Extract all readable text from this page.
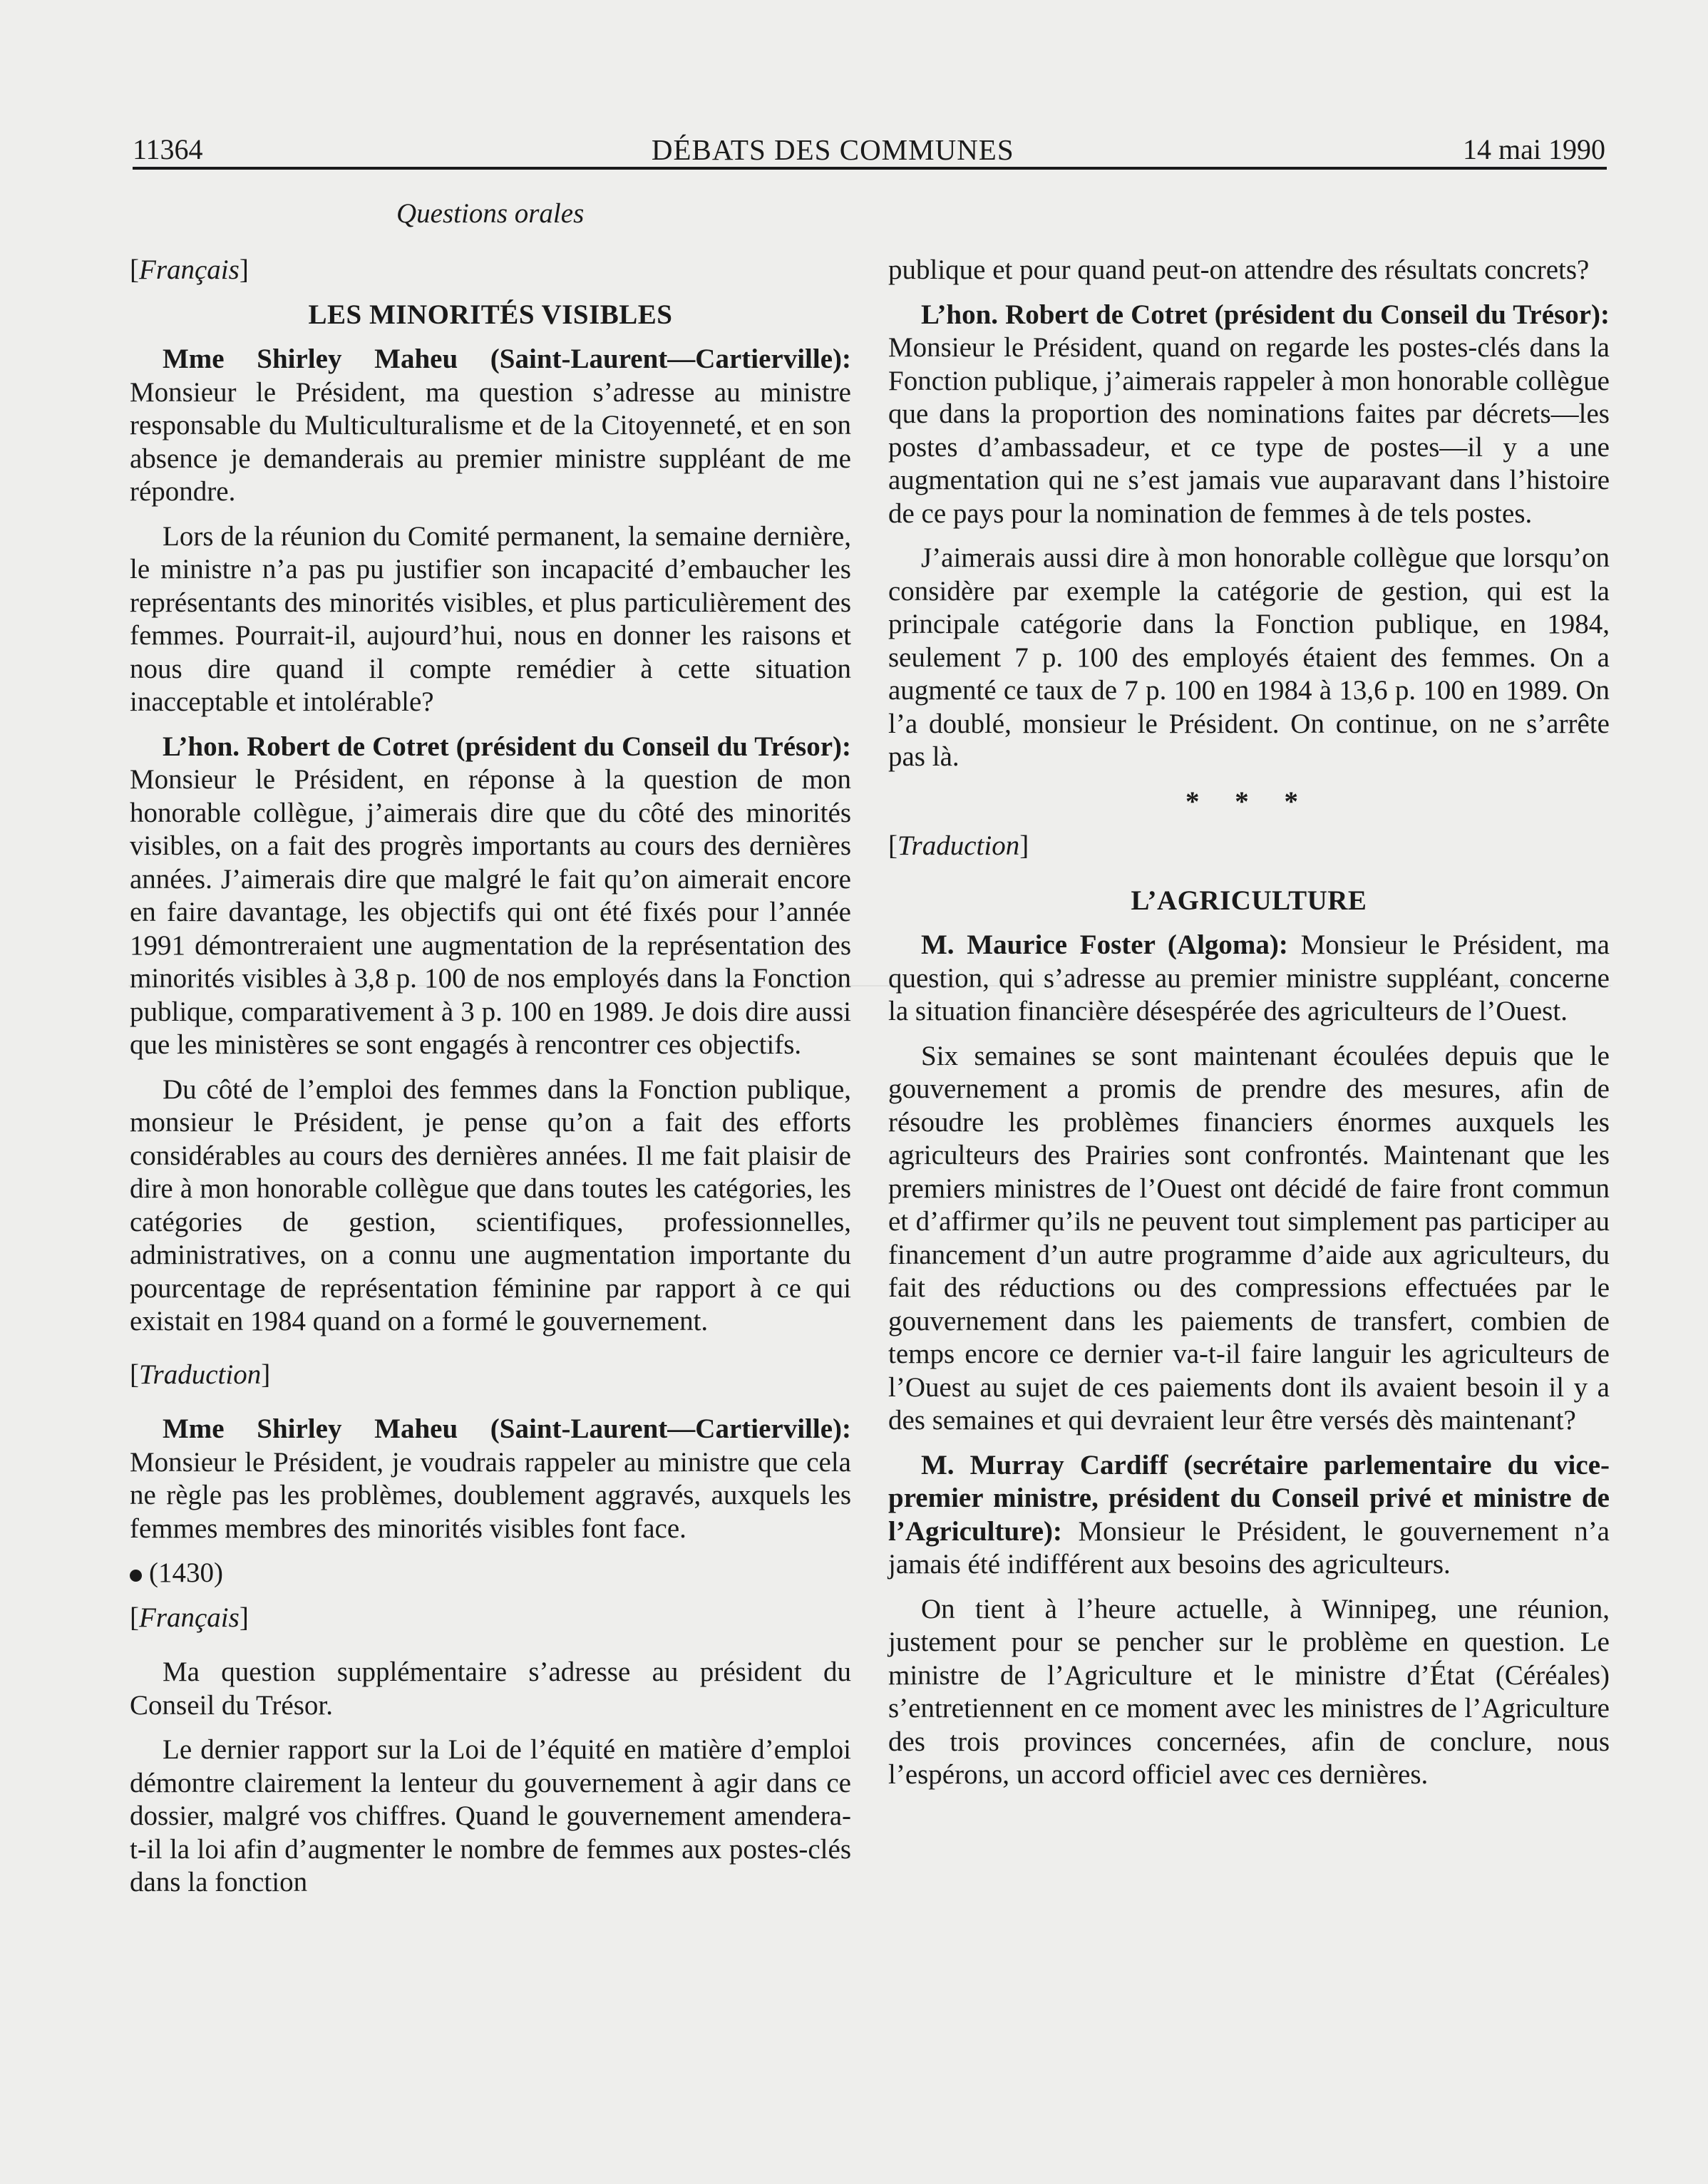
11364	DÉBATS DES COMMUNES	14 mai 1990
Questions orales

[Français]

LES MINORITÉS VISIBLES

Mme Shirley Maheu (Saint-Laurent—Cartierville): Monsieur le Président, ma question s’adresse au ministre responsable du Multiculturalisme et de la Citoyenneté, et en son absence je demanderais au premier ministre suppléant de me répondre.

Lors de la réunion du Comité permanent, la semaine dernière, le ministre n’a pas pu justifier son incapacité d’embaucher les représentants des minorités visibles, et plus particulièrement des femmes. Pourrait-il, aujourd’hui, nous en donner les raisons et nous dire quand il compte remédier à cette situation inacceptable et intolérable?

L’hon. Robert de Cotret (président du Conseil du Trésor): Monsieur le Président, en réponse à la question de mon honorable collègue, j’aimerais dire que du côté des minorités visibles, on a fait des progrès importants au cours des dernières années. J’aimerais dire que malgré le fait qu’on aimerait encore en faire davantage, les objectifs qui ont été fixés pour l’année 1991 démontreraient une augmentation de la représentation des minorités visibles à 3,8 p. 100 de nos employés dans la Fonction publique, comparativement à 3 p. 100 en 1989. Je dois dire aussi que les ministères se sont engagés à rencontrer ces objectifs.

Du côté de l’emploi des femmes dans la Fonction publique, monsieur le Président, je pense qu’on a fait des efforts considérables au cours des dernières années. Il me fait plaisir de dire à mon honorable collègue que dans toutes les catégories, les catégories de gestion, scientifiques, professionnelles, administratives, on a connu une augmentation importante du pourcentage de représentation féminine par rapport à ce qui existait en 1984 quand on a formé le gouvernement.

[Traduction]

Mme Shirley Maheu (Saint-Laurent—Cartierville): Monsieur le Président, je voudrais rappeler au ministre que cela ne règle pas les problèmes, doublement aggravés, auxquels les femmes membres des minorités visibles font face.

(1430)

[Français]

Ma question supplémentaire s’adresse au président du Conseil du Trésor.

Le dernier rapport sur la Loi de l’équité en matière d’emploi démontre clairement la lenteur du gouvernement à agir dans ce dossier, malgré vos chiffres. Quand le gouvernement amendera-t-il la loi afin d’augmenter le nombre de femmes aux postes-clés dans la fonction

publique et pour quand peut-on attendre des résultats concrets?

L’hon. Robert de Cotret (président du Conseil du Trésor): Monsieur le Président, quand on regarde les postes-clés dans la Fonction publique, j’aimerais rappeler à mon honorable collègue que dans la proportion des nominations faites par décrets—les postes d’ambassadeur, et ce type de postes—il y a une augmentation qui ne s’est jamais vue auparavant dans l’histoire de ce pays pour la nomination de femmes à de tels postes.

J’aimerais aussi dire à mon honorable collègue que lorsqu’on considère par exemple la catégorie de gestion, qui est la principale catégorie dans la Fonction publique, en 1984, seulement 7 p. 100 des employés étaient des femmes. On a augmenté ce taux de 7 p. 100 en 1984 à 13,6 p. 100 en 1989. On l’a doublé, monsieur le Président. On continue, on ne s’arrête pas là.

* * *

[Traduction]

L’AGRICULTURE

M. Maurice Foster (Algoma): Monsieur le Président, ma question, qui s’adresse au premier ministre suppléant, concerne la situation financière désespérée des agriculteurs de l’Ouest.

Six semaines se sont maintenant écoulées depuis que le gouvernement a promis de prendre des mesures, afin de résoudre les problèmes financiers énormes auxquels les agriculteurs des Prairies sont confrontés. Maintenant que les premiers ministres de l’Ouest ont décidé de faire front commun et d’affirmer qu’ils ne peuvent tout simplement pas participer au financement d’un autre programme d’aide aux agriculteurs, du fait des réductions ou des compressions effectuées par le gouvernement dans les paiements de transfert, combien de temps encore ce dernier va-t-il faire languir les agriculteurs de l’Ouest au sujet de ces paiements dont ils avaient besoin il y a des semaines et qui devraient leur être versés dès maintenant?

M. Murray Cardiff (secrétaire parlementaire du vice-premier ministre, président du Conseil privé et ministre de l’Agriculture): Monsieur le Président, le gouvernement n’a jamais été indifférent aux besoins des agriculteurs.

On tient à l’heure actuelle, à Winnipeg, une réunion, justement pour se pencher sur le problème en question. Le ministre de l’Agriculture et le ministre d’État (Céréales) s’entretiennent en ce moment avec les ministres de l’Agriculture des trois provinces concernées, afin de conclure, nous l’espérons, un accord officiel avec ces dernières.
